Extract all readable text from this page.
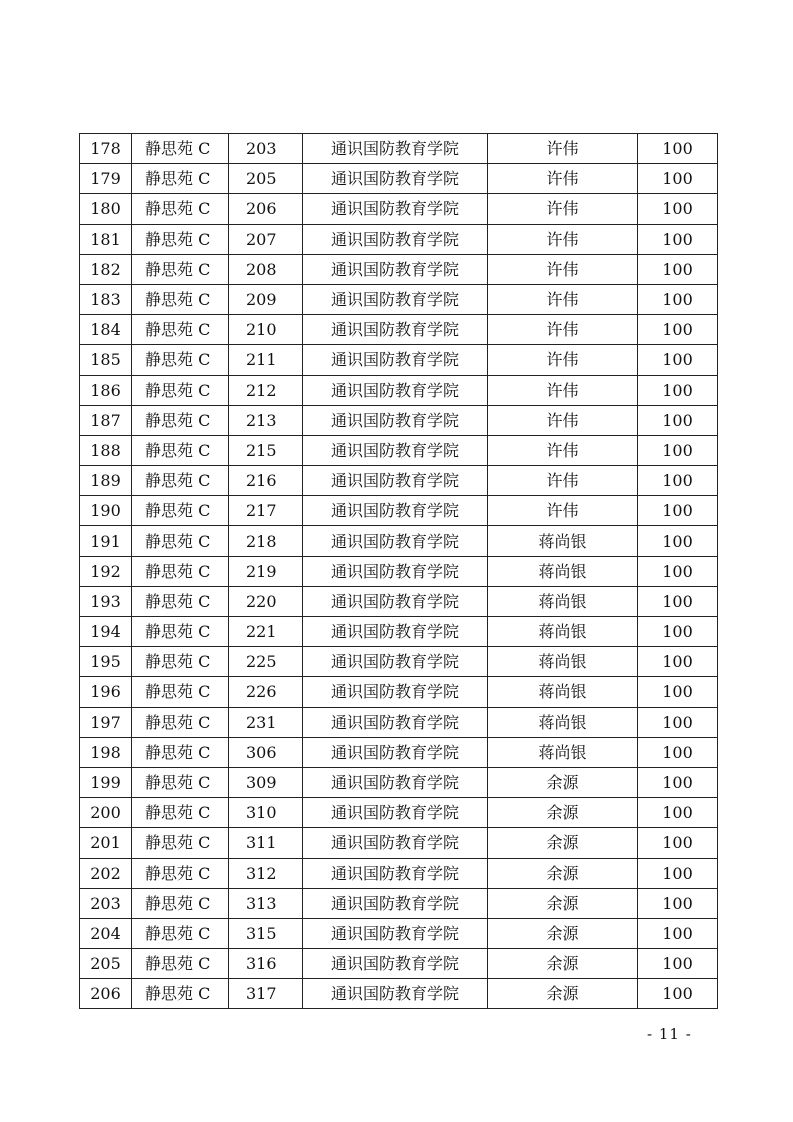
178	静思苑 C	203	通识国防教育学院	许伟	100
179	静思苑 C	205	通识国防教育学院	许伟	100
180	静思苑 C	206	通识国防教育学院	许伟	100
181	静思苑 C	207	通识国防教育学院	许伟	100
182	静思苑 C	208	通识国防教育学院	许伟	100
183	静思苑 C	209	通识国防教育学院	许伟	100
184	静思苑 C	210	通识国防教育学院	许伟	100
185	静思苑 C	211	通识国防教育学院	许伟	100
186	静思苑 C	212	通识国防教育学院	许伟	100
187	静思苑 C	213	通识国防教育学院	许伟	100
188	静思苑 C	215	通识国防教育学院	许伟	100
189	静思苑 C	216	通识国防教育学院	许伟	100
190	静思苑 C	217	通识国防教育学院	许伟	100
191	静思苑 C	218	通识国防教育学院	蒋尚银	100
192	静思苑 C	219	通识国防教育学院	蒋尚银	100
193	静思苑 C	220	通识国防教育学院	蒋尚银	100
194	静思苑 C	221	通识国防教育学院	蒋尚银	100
195	静思苑 C	225	通识国防教育学院	蒋尚银	100
196	静思苑 C	226	通识国防教育学院	蒋尚银	100
197	静思苑 C	231	通识国防教育学院	蒋尚银	100
198	静思苑 C	306	通识国防教育学院	蒋尚银	100
199	静思苑 C	309	通识国防教育学院	余源	100
200	静思苑 C	310	通识国防教育学院	余源	100
201	静思苑 C	311	通识国防教育学院	余源	100
202	静思苑 C	312	通识国防教育学院	余源	100
203	静思苑 C	313	通识国防教育学院	余源	100
204	静思苑 C	315	通识国防教育学院	余源	100
205	静思苑 C	316	通识国防教育学院	余源	100
206	静思苑 C	317	通识国防教育学院	余源	100
- 11 -
